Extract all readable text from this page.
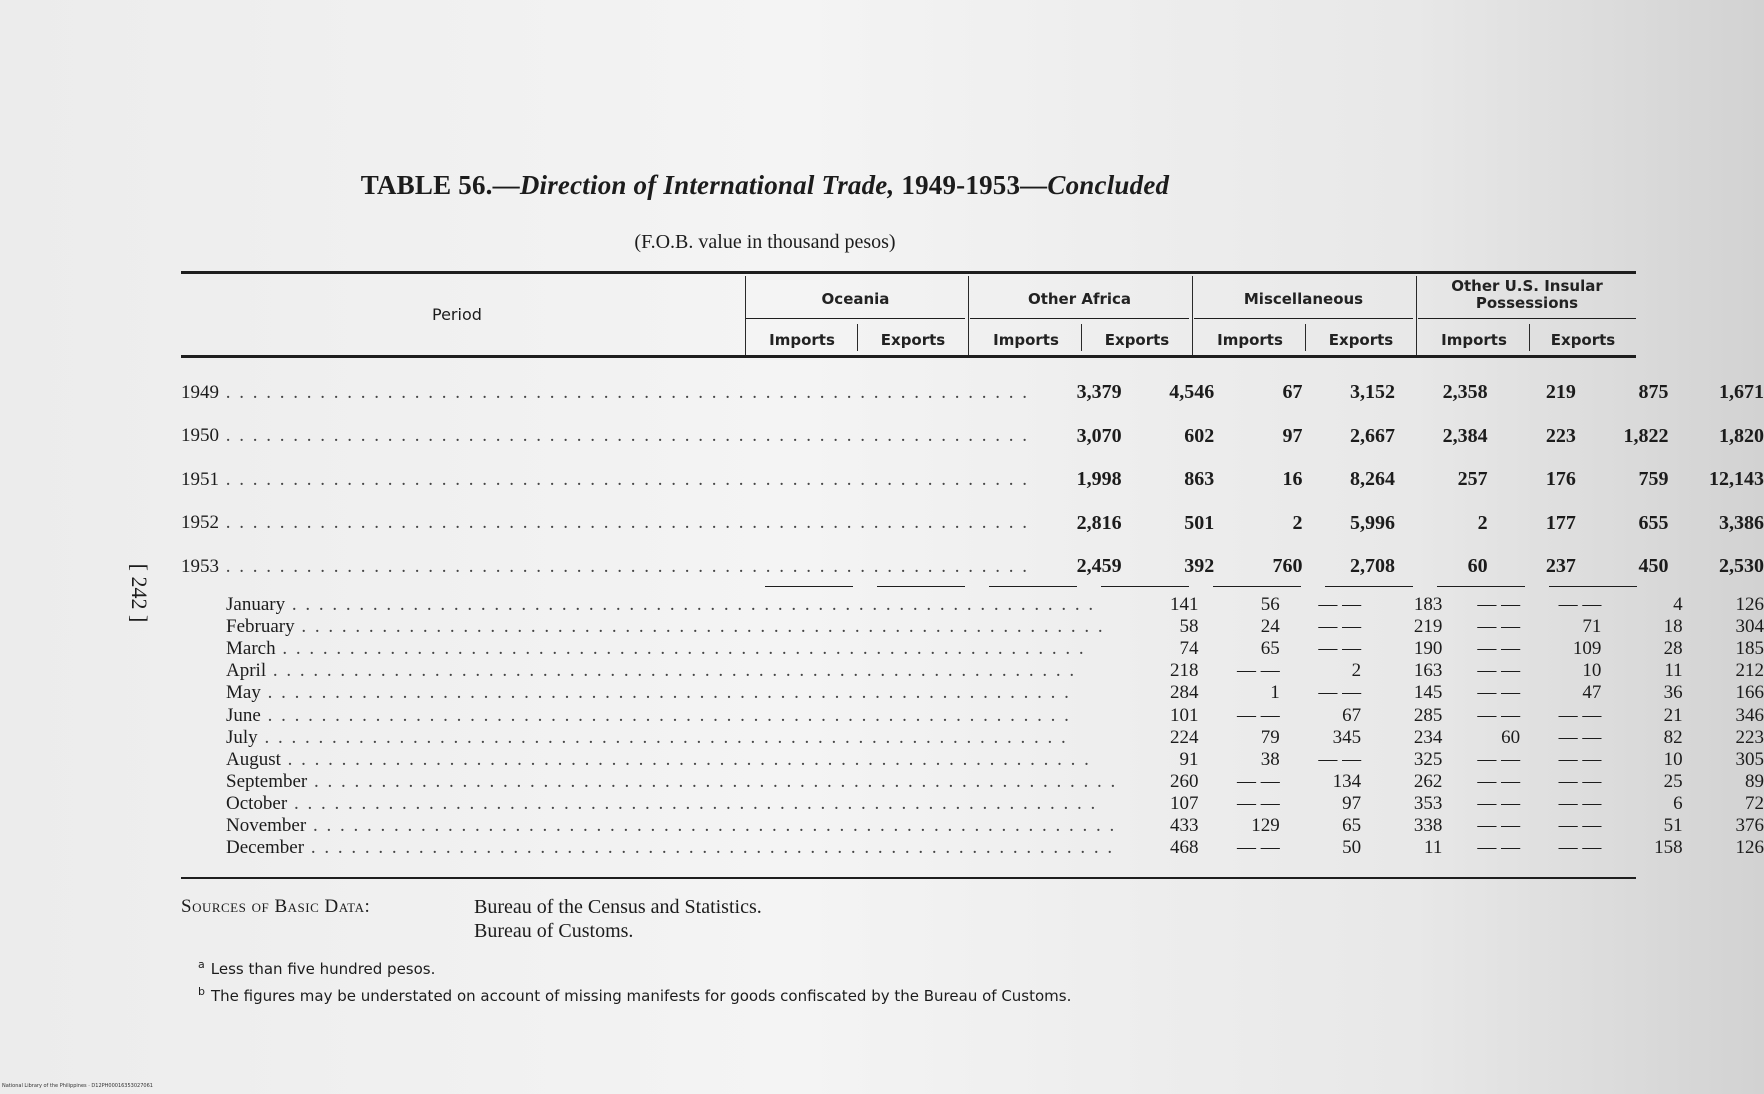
TABLE 56.—Direction of International Trade, 1949-1953—Concluded
(F.O.B. value in thousand pesos)
[ 242 ]
Period
Oceania	Other Africa	Miscellaneous
Other U.S. Insular Possessions
Imports	Exports	Imports	Exports	Imports	Exports	Imports	Exports
1949 . . . . . . . . . . . . . . . . . . . . . . . . . . . . . . . . . . . . . . . . . . . . . . . . . . . . . . . . . . . .	3,379	4,546	67	3,152	2,358	219	875	1,671
1950 . . . . . . . . . . . . . . . . . . . . . . . . . . . . . . . . . . . . . . . . . . . . . . . . . . . . . . . . . . . .	3,070	602	97	2,667	2,384	223	1,822	1,820
1951 . . . . . . . . . . . . . . . . . . . . . . . . . . . . . . . . . . . . . . . . . . . . . . . . . . . . . . . . . . . .	1,998	863	16	8,264	257	176	759	12,143
1952 . . . . . . . . . . . . . . . . . . . . . . . . . . . . . . . . . . . . . . . . . . . . . . . . . . . . . . . . . . . .	2,816	501	2	5,996	2	177	655	3,386
1953 . . . . . . . . . . . . . . . . . . . . . . . . . . . . . . . . . . . . . . . . . . . . . . . . . . . . . . . . . . . .	2,459	392	760	2,708	60	237	450	2,530
January . . . . . . . . . . . . . . . . . . . . . . . . . . . . . . . . . . . . . . . . . . . . . . . . . . . . . . . . . . . .	141	56	— —	183	— —	— —	4	126
February . . . . . . . . . . . . . . . . . . . . . . . . . . . . . . . . . . . . . . . . . . . . . . . . . . . . . . . . . . . .	58	24	— —	219	— —	71	18	304
March . . . . . . . . . . . . . . . . . . . . . . . . . . . . . . . . . . . . . . . . . . . . . . . . . . . . . . . . . . . .	74	65	— —	190	— —	109	28	185
April . . . . . . . . . . . . . . . . . . . . . . . . . . . . . . . . . . . . . . . . . . . . . . . . . . . . . . . . . . . .	218	— —	2	163	— —	10	11	212
May . . . . . . . . . . . . . . . . . . . . . . . . . . . . . . . . . . . . . . . . . . . . . . . . . . . . . . . . . . . .	284	1	— —	145	— —	47	36	166
June . . . . . . . . . . . . . . . . . . . . . . . . . . . . . . . . . . . . . . . . . . . . . . . . . . . . . . . . . . . .	101	— —	67	285	— —	— —	21	346
July . . . . . . . . . . . . . . . . . . . . . . . . . . . . . . . . . . . . . . . . . . . . . . . . . . . . . . . . . . . .	224	79	345	234	60	— —	82	223
August . . . . . . . . . . . . . . . . . . . . . . . . . . . . . . . . . . . . . . . . . . . . . . . . . . . . . . . . . . . .	91	38	— —	325	— —	— —	10	305
September . . . . . . . . . . . . . . . . . . . . . . . . . . . . . . . . . . . . . . . . . . . . . . . . . . . . . . . . . . . .	260	— —	134	262	— —	— —	25	89
October . . . . . . . . . . . . . . . . . . . . . . . . . . . . . . . . . . . . . . . . . . . . . . . . . . . . . . . . . . . .	107	— —	97	353	— —	— —	6	72
November . . . . . . . . . . . . . . . . . . . . . . . . . . . . . . . . . . . . . . . . . . . . . . . . . . . . . . . . . . . .	433	129	65	338	— —	— —	51	376
December . . . . . . . . . . . . . . . . . . . . . . . . . . . . . . . . . . . . . . . . . . . . . . . . . . . . . . . . . . . .	468	— —	50	11	— —	— —	158	126
Sources of Basic Data:	Bureau of the Census and Statistics.
Bureau of Customs.
$^a$ Less than five hundred pesos.
$^b$ The figures may be understated on account of missing manifests for goods confiscated by the Bureau of Customs.
National Library of the Philippines · D12PH00016353027061
